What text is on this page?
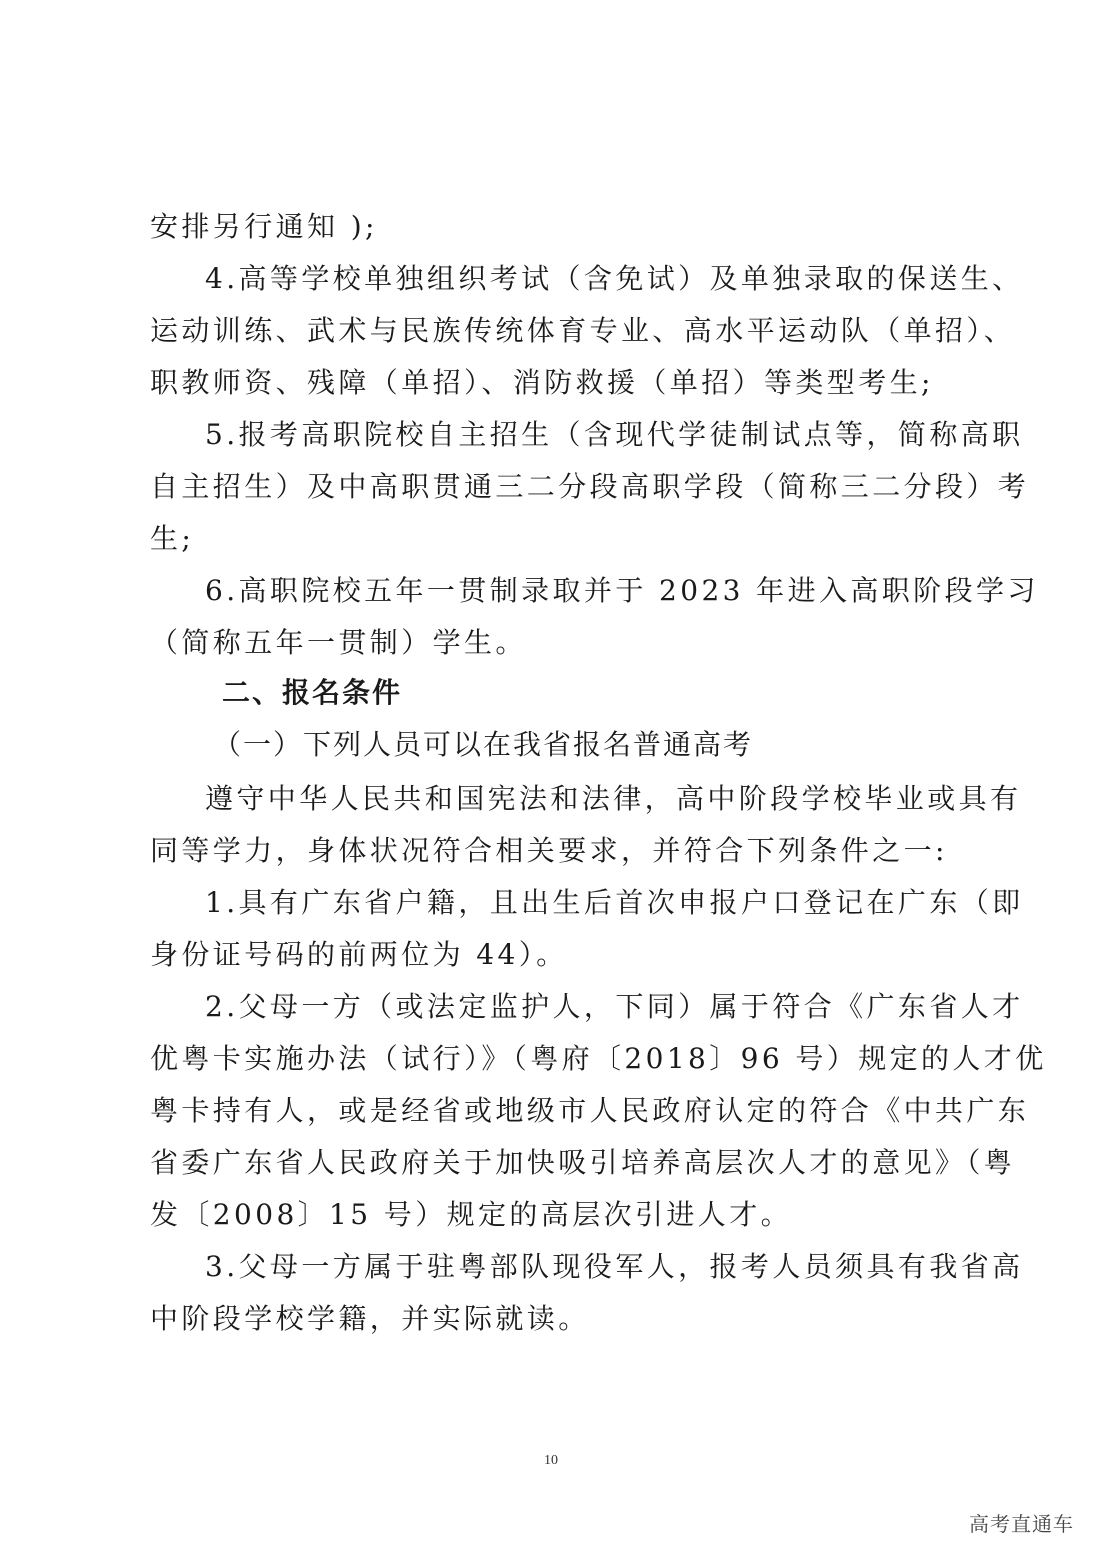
安排另行通知 );
4.高等学校单独组织考试（含免试）及单独录取的保送生、
运动训练、武术与民族传统体育专业、高水平运动队（单招）、
职教师资、残障（单招）、消防救援（单招）等类型考生;
5.报考高职院校自主招生（含现代学徒制试点等，简称高职
自主招生）及中高职贯通三二分段高职学段（简称三二分段）考
生;
6.高职院校五年一贯制录取并于 2023 年进入高职阶段学习
（简称五年一贯制）学生。
二、报名条件
（一）下列人员可以在我省报名普通高考
遵守中华人民共和国宪法和法律，高中阶段学校毕业或具有
同等学力，身体状况符合相关要求，并符合下列条件之一:
1.具有广东省户籍，且出生后首次申报户口登记在广东（即
身份证号码的前两位为 44）。
2.父母一方（或法定监护人，下同）属于符合《广东省人才
优粤卡实施办法（试行）》（粤府〔2018〕96 号）规定的人才优
粤卡持有人，或是经省或地级市人民政府认定的符合《中共广东
省委广东省人民政府关于加快吸引培养高层次人才的意见》（粤
发〔2008〕15 号）规定的高层次引进人才。
3.父母一方属于驻粤部队现役军人，报考人员须具有我省高
中阶段学校学籍，并实际就读。
10
高考直通车
